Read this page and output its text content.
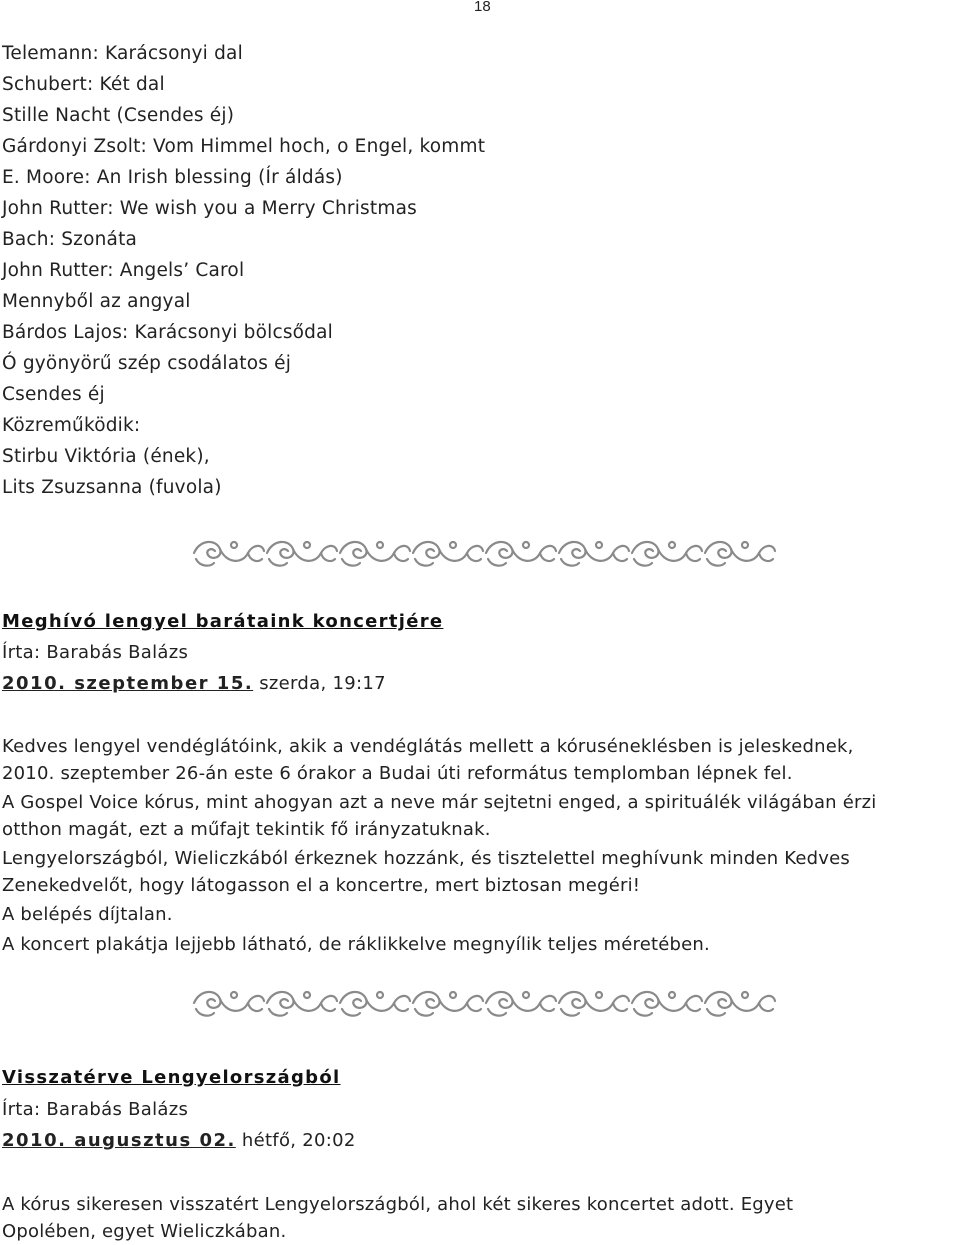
18
Telemann: Karácsonyi dal
Schubert: Két dal
Stille Nacht (Csendes éj)
Gárdonyi Zsolt: Vom Himmel hoch, o Engel, kommt
E. Moore: An Irish blessing (Ír áldás)
John Rutter: We wish you a Merry Christmas
Bach: Szonáta
John Rutter: Angels’ Carol
Mennyből az angyal
Bárdos Lajos: Karácsonyi bölcsődal
Ó gyönyörű szép csodálatos éj
Csendes éj
Közreműködik:
Stirbu Viktória (ének),
Lits Zsuzsanna (fuvola)
Meghívó lengyel barátaink koncertjére
Írta: Barabás Balázs
2010. szeptember 15. szerda, 19:17
Kedves lengyel vendéglátóink, akik a vendéglátás mellett a kóruséneklésben is jeleskednek,
2010. szeptember 26-án este 6 órakor a Budai úti református templomban lépnek fel.
A Gospel Voice kórus, mint ahogyan azt a neve már sejtetni enged, a spirituálék világában érzi
otthon magát, ezt a műfajt tekintik fő irányzatuknak.
Lengyelországból, Wieliczkából érkeznek hozzánk, és tisztelettel meghívunk minden Kedves
Zenekedvelőt, hogy látogasson el a koncertre, mert biztosan megéri!
A belépés díjtalan.
A koncert plakátja lejjebb látható, de ráklikkelve megnyílik teljes méretében.
Visszatérve Lengyelországból
Írta: Barabás Balázs
2010. augusztus 02. hétfő, 20:02
A kórus sikeresen visszatért Lengyelországból, ahol két sikeres koncertet adott. Egyet
Opolében, egyet Wieliczkában.
